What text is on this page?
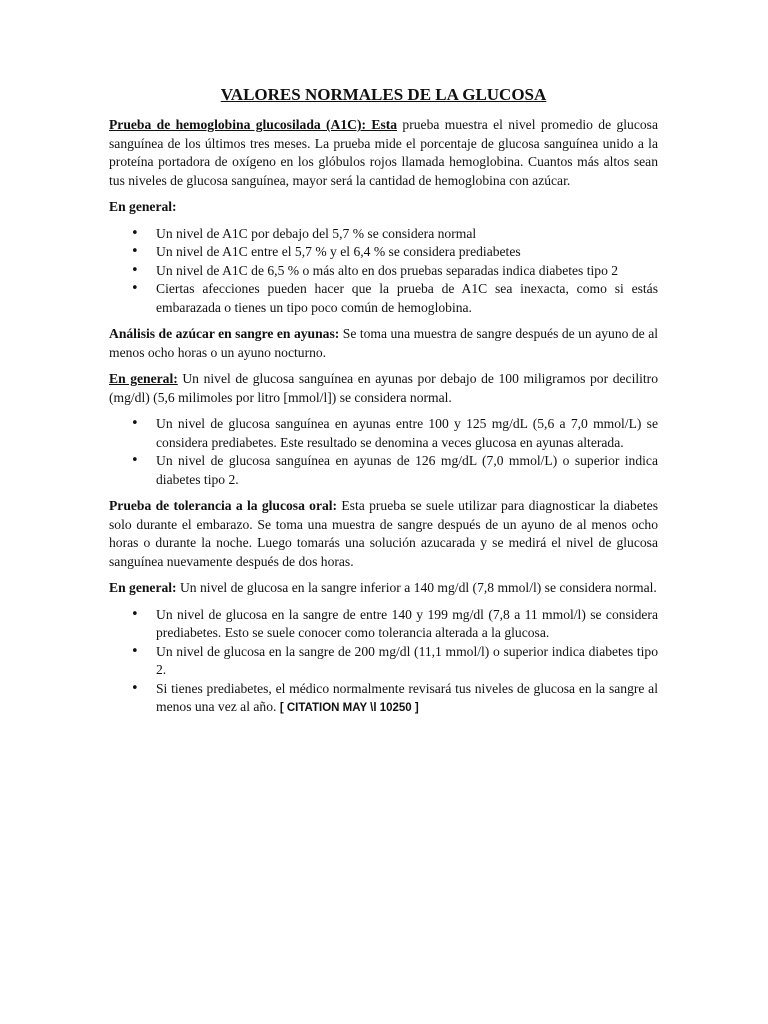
VALORES NORMALES DE LA GLUCOSA

Prueba de hemoglobina glucosilada (A1C): Esta prueba muestra el nivel promedio de glucosa sanguínea de los últimos tres meses. La prueba mide el porcentaje de glucosa sanguínea unido a la proteína portadora de oxígeno en los glóbulos rojos llamada hemoglobina. Cuantos más altos sean tus niveles de glucosa sanguínea, mayor será la cantidad de hemoglobina con azúcar.

En general:

• Un nivel de A1C por debajo del 5,7 % se considera normal
• Un nivel de A1C entre el 5,7 % y el 6,4 % se considera prediabetes
• Un nivel de A1C de 6,5 % o más alto en dos pruebas separadas indica diabetes tipo 2
• Ciertas afecciones pueden hacer que la prueba de A1C sea inexacta, como si estás embarazada o tienes un tipo poco común de hemoglobina.

Análisis de azúcar en sangre en ayunas: Se toma una muestra de sangre después de un ayuno de al menos ocho horas o un ayuno nocturno.

En general: Un nivel de glucosa sanguínea en ayunas por debajo de 100 miligramos por decilitro (mg/dl) (5,6 milimoles por litro [mmol/l]) se considera normal.

• Un nivel de glucosa sanguínea en ayunas entre 100 y 125 mg/dL (5,6 a 7,0 mmol/L) se considera prediabetes. Este resultado se denomina a veces glucosa en ayunas alterada.
• Un nivel de glucosa sanguínea en ayunas de 126 mg/dL (7,0 mmol/L) o superior indica diabetes tipo 2.

Prueba de tolerancia a la glucosa oral: Esta prueba se suele utilizar para diagnosticar la diabetes solo durante el embarazo. Se toma una muestra de sangre después de un ayuno de al menos ocho horas o durante la noche. Luego tomarás una solución azucarada y se medirá el nivel de glucosa sanguínea nuevamente después de dos horas.

En general: Un nivel de glucosa en la sangre inferior a 140 mg/dl (7,8 mmol/l) se considera normal.

• Un nivel de glucosa en la sangre de entre 140 y 199 mg/dl (7,8 a 11 mmol/l) se considera prediabetes. Esto se suele conocer como tolerancia alterada a la glucosa.
• Un nivel de glucosa en la sangre de 200 mg/dl (11,1 mmol/l) o superior indica diabetes tipo 2.
• Si tienes prediabetes, el médico normalmente revisará tus niveles de glucosa en la sangre al menos una vez al año. [ CITATION MAY \l 10250 ]
